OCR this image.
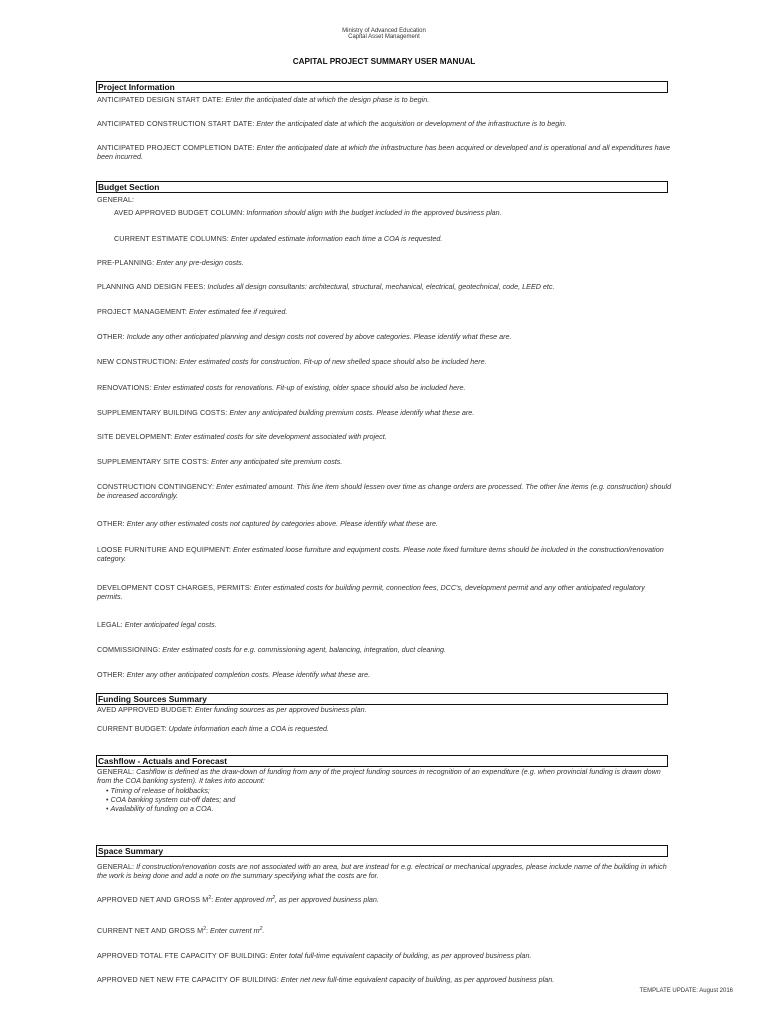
Ministry of Advanced Education
Capital Asset Management
CAPITAL PROJECT SUMMARY USER MANUAL
Project Information
ANTICIPATED DESIGN START DATE: Enter the anticipated date at which the design phase is to begin.
ANTICIPATED CONSTRUCTION START DATE: Enter the anticipated date at which the acquisition or development of the infrastructure is to begin.
ANTICIPATED PROJECT COMPLETION DATE: Enter the anticipated date at which the infrastructure has been acquired or developed and is operational and all expenditures have been incurred.
Budget Section
GENERAL:
AVED APPROVED BUDGET COLUMN: Information should align with the budget included in the approved business plan.
CURRENT ESTIMATE COLUMNS: Enter updated estimate information each time a COA is requested.
PRE-PLANNING: Enter any pre-design costs.
PLANNING AND DESIGN FEES: Includes all design consultants: architectural, structural, mechanical, electrical, geotechnical, code, LEED etc.
PROJECT MANAGEMENT: Enter estimated fee if required.
OTHER: Include any other anticipated planning and design costs not covered by above categories. Please identify what these are.
NEW CONSTRUCTION: Enter estimated costs for construction. Fit-up of new shelled space should also be included here.
RENOVATIONS: Enter estimated costs for renovations. Fit-up of existing, older space should also be included here.
SUPPLEMENTARY BUILDING COSTS: Enter any anticipated building premium costs. Please identify what these are.
SITE DEVELOPMENT: Enter estimated costs for site development associated with project.
SUPPLEMENTARY SITE COSTS: Enter any anticipated site premium costs.
CONSTRUCTION CONTINGENCY: Enter estimated amount. This line item should lessen over time as change orders are processed. The other line items (e.g. construction) should be increased accordingly.
OTHER: Enter any other estimated costs not captured by categories above. Please identify what these are.
LOOSE FURNITURE AND EQUIPMENT: Enter estimated loose furniture and equipment costs. Please note fixed furniture items should be included in the construction/renovation category.
DEVELOPMENT COST CHARGES, PERMITS: Enter estimated costs for building permit, connection fees, DCC's, development permit and any other anticipated regulatory permits.
LEGAL: Enter anticipated legal costs.
COMMISSIONING: Enter estimated costs for e.g. commissioning agent, balancing, integration, duct cleaning.
OTHER: Enter any other anticipated completion costs. Please identify what these are.
Funding Sources Summary
AVED APPROVED BUDGET: Enter funding sources as per approved business plan.
CURRENT BUDGET: Update information each time a COA is requested.
Cashflow - Actuals and Forecast
GENERAL: Cashflow is defined as the draw-down of funding from any of the project funding sources in recognition of an expenditure (e.g. when provincial funding is drawn down from the COA banking system). It takes into account:
• Timing of release of holdbacks;
• COA banking system cut-off dates; and
• Availability of funding on a COA.
Space Summary
GENERAL: If construction/renovation costs are not associated with an area, but are instead for e.g. electrical or mechanical upgrades, please include name of the building in which the work is being done and add a note on the summary specifying what the costs are for.
APPROVED NET AND GROSS $M^2$: Enter approved $m^2$, as per approved business plan.
CURRENT NET AND GROSS $M^2$: Enter current $m^2$.
APPROVED TOTAL FTE CAPACITY OF BUILDING: Enter total full-time equivalent capacity of building, as per approved business plan.
APPROVED NET NEW FTE CAPACITY OF BUILDING: Enter net new full-time equivalent capacity of building, as per approved business plan.
TEMPLATE UPDATE: August 2016
